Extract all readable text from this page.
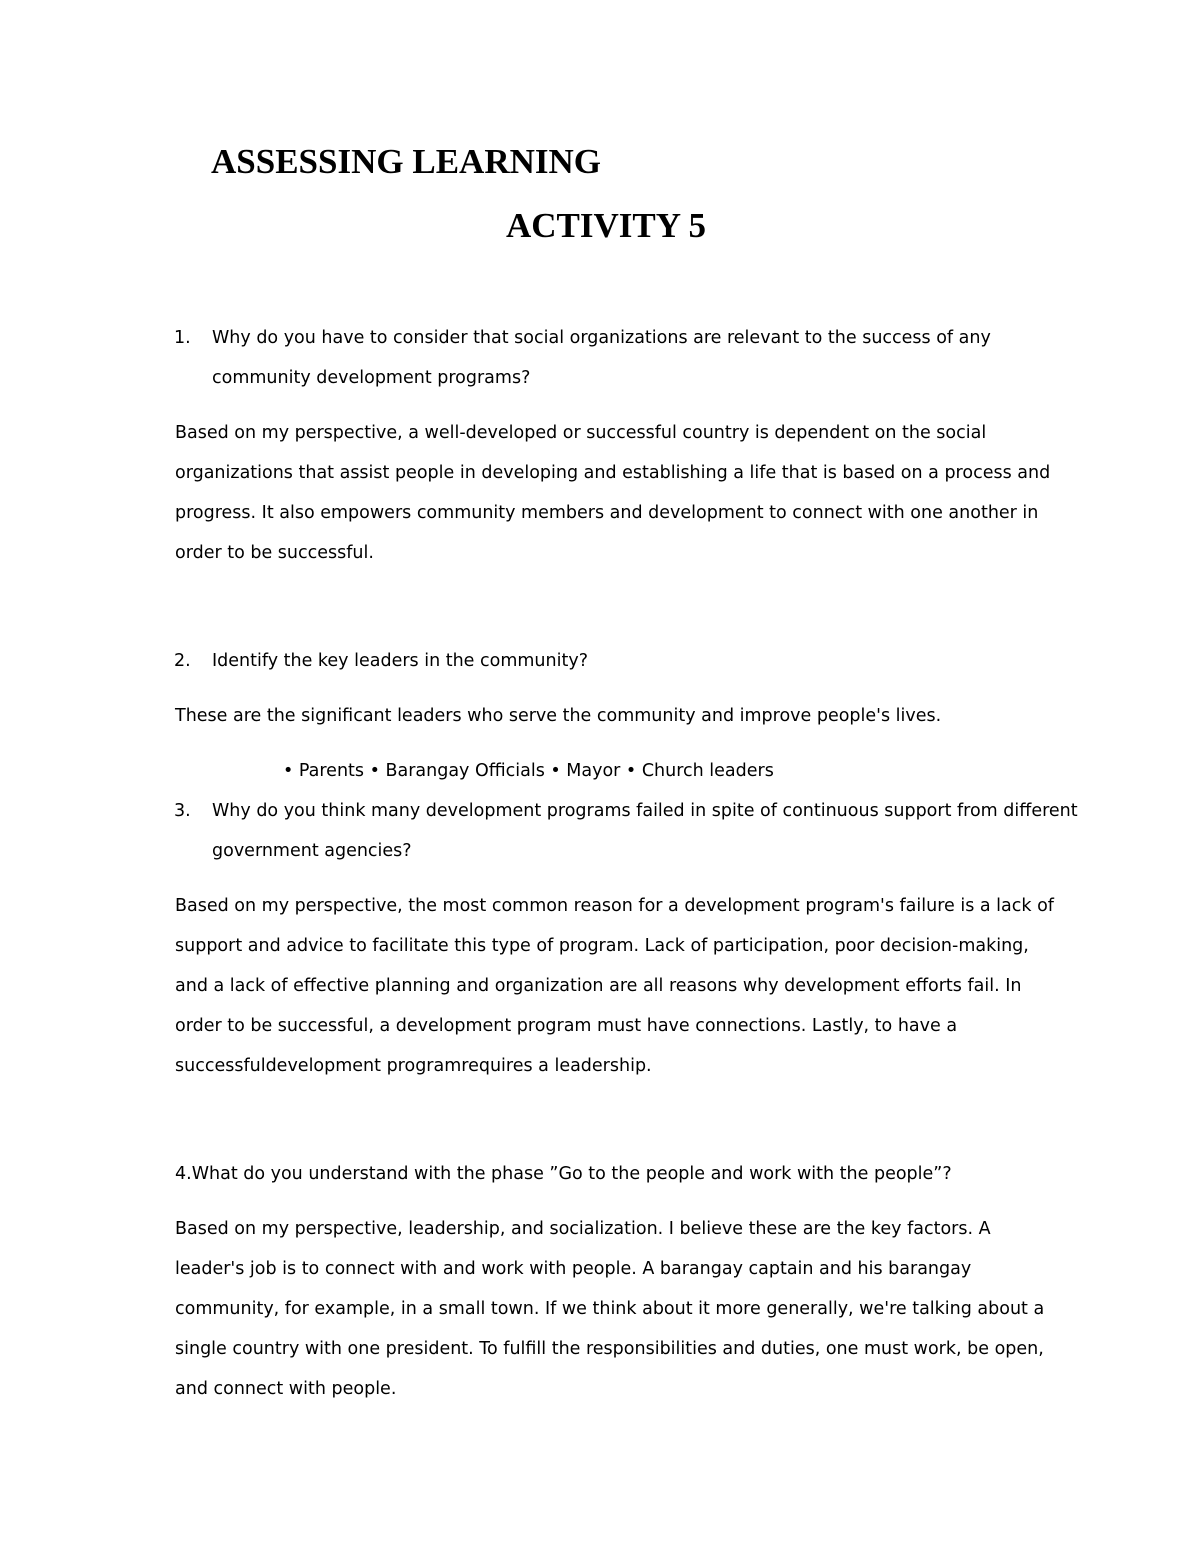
ASSESSING LEARNING
ACTIVITY 5
1.	Why do you have to consider that social organizations are relevant to the success of any community development programs?

Based on my perspective, a well-developed or successful country is dependent on the social organizations that assist people in developing and establishing a life that is based on a process and progress. It also empowers community members and development to connect with one another in order to be successful.

2.	Identify the key leaders in the community?

These are the significant leaders who serve the community and improve people's lives.

• Parents • Barangay Officials • Mayor • Church leaders

3.	Why do you think many development programs failed in spite of continuous support from different government agencies?

Based on my perspective, the most common reason for a development program's failure is a lack of support and advice to facilitate this type of program. Lack of participation, poor decision-making, and a lack of effective planning and organization are all reasons why development efforts fail. In order to be successful, a development program must have connections. Lastly, to have a successfuldevelopment programrequires a leadership.

4.What do you understand with the phase ”Go to the people and work with the people”?

Based on my perspective, leadership, and socialization. I believe these are the key factors. A leader's job is to connect with and work with people. A barangay captain and his barangay community, for example, in a small town. If we think about it more generally, we're talking about a single country with one president. To fulfill the responsibilities and duties, one must work, be open, and connect with people.
